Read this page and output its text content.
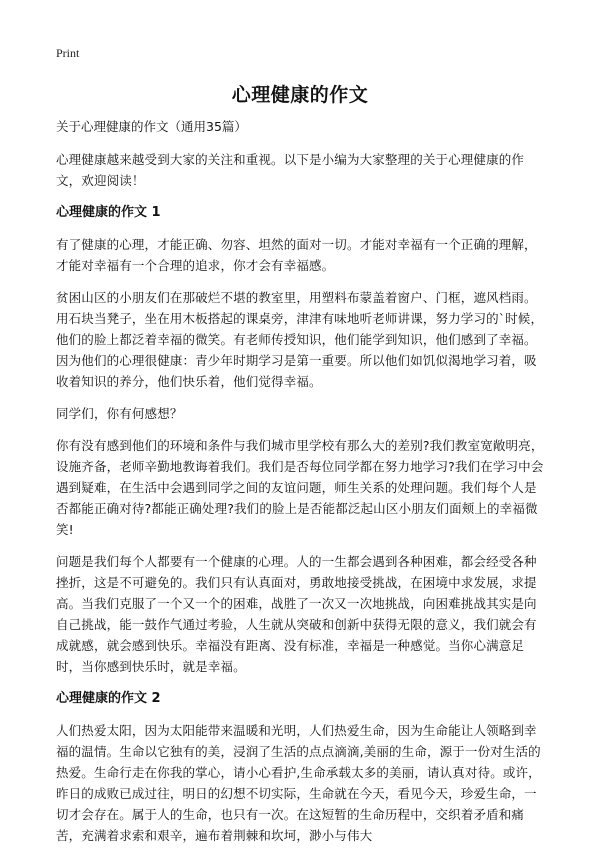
Print
心理健康的作文
关于心理健康的作文（通用35篇）

心理健康越来越受到大家的关注和重视。以下是小编为大家整理的关于心理健康的作文，欢迎阅读！

心理健康的作文 1

有了健康的心理，才能正确、勿容、坦然的面对一切。才能对幸福有一个正确的理解，才能对幸福有一个合理的追求，你才会有幸福感。

贫困山区的小朋友们在那破烂不堪的教室里，用塑料布蒙盖着窗户、门框，遮风档雨。用石块当凳子，坐在用木板搭起的课桌旁，津津有味地听老师讲课，努力学习的`时候，他们的脸上都泛着幸福的微笑。有老师传授知识，他们能学到知识，他们感到了幸福。因为他们的心理很健康：青少年时期学习是第一重要。所以他们如饥似渴地学习着，吸收着知识的养分，他们快乐着，他们觉得幸福。

同学们，你有何感想？

你有没有感到他们的环境和条件与我们城市里学校有那么大的差别?我们教室宽敞明亮，设施齐备，老师辛勤地教诲着我们。我们是否每位同学都在努力地学习?我们在学习中会遇到疑难，在生活中会遇到同学之间的友谊问题，师生关系的处理问题。我们每个人是否都能正确对待?都能正确处理?我们的脸上是否能都泛起山区小朋友们面颊上的幸福微笑!

问题是我们每个人都要有一个健康的心理。人的一生都会遇到各种困难，都会经受各种挫折，这是不可避免的。我们只有认真面对，勇敢地接受挑战，在困境中求发展，求提高。当我们克服了一个又一个的困难，战胜了一次又一次地挑战，向困难挑战其实是向自己挑战，能一鼓作气通过考验，人生就从突破和创新中获得无限的意义，我们就会有成就感，就会感到快乐。幸福没有距离、没有标准，幸福是一种感觉。当你心满意足时，当你感到快乐时，就是幸福。

心理健康的作文 2

人们热爱太阳，因为太阳能带来温暖和光明，人们热爱生命，因为生命能让人领略到幸福的温情。生命以它独有的美，浸润了生活的点点滴滴,美丽的生命，源于一份对生活的热爱。生命行走在你我的掌心，请小心看护,生命承载太多的美丽，请认真对待。或许，昨日的成败已成过往，明日的幻想不切实际，生命就在今天，看见今天，珍爱生命，一切才会存在。属于人的生命，也只有一次。在这短暂的生命历程中，交织着矛盾和痛苦，充满着求索和艰辛，遍布着荆棘和坎坷，渺小与伟大
